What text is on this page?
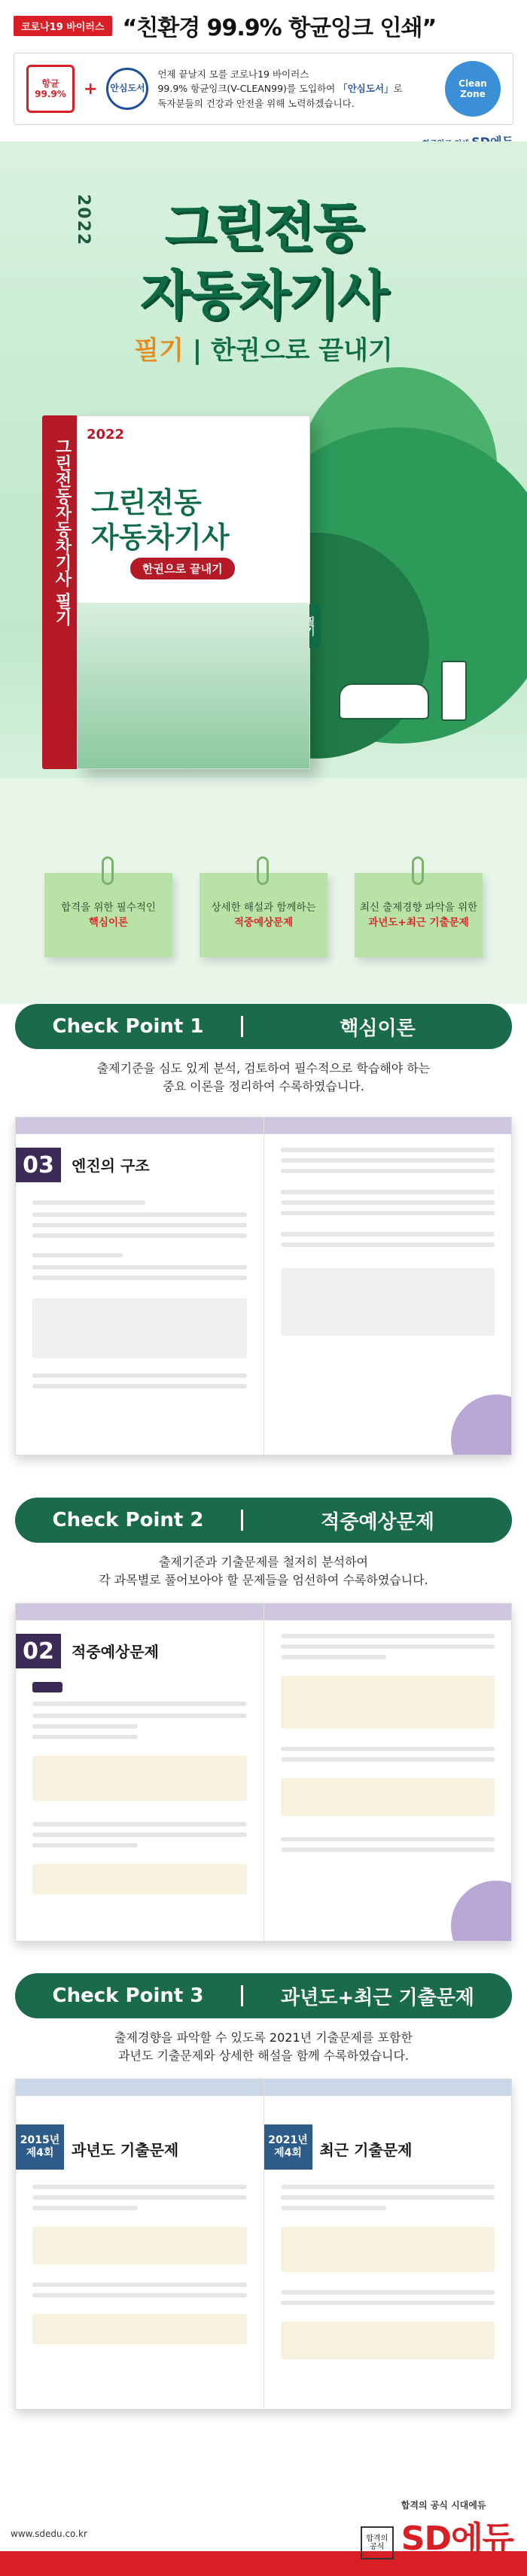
코로나19 바이러스 “친환경 99.9% 항균잉크 인쇄”
항균
99.9% + 안심 도서
언제 끝날지 모를 코로나19 바이러스
99.9% 항균잉크(V-CLEAN99)를 도입하여 「안심도서」로
독자분들의 건강과 안전을 위해 노력하겠습니다.
Clean Zone
2022	그린전동
자동차기사
필기 | 한권으로 끝내기
그린전동자동차기사 필기
2022
그린전동
자동차기사
한권으로 끝내기
합격을 위한 필수적인
핵심이론
상세한 해설과 함께하는
적중예상문제
최신 출제경향 파악을 위한
과년도+최근 기출문제
Check Point 1	핵심이론
출제기준을 심도 있게 분석, 검토하여 필수적으로 학습해야 하는
중요 이론을 정리하여 수록하였습니다.
03	엔진의 구조
Check Point 2	적중예상문제
출제기준과 기출문제를 철저히 분석하여
각 과목별로 풀어보아야 할 문제들을 엄선하여 수록하였습니다.
02	적중예상문제
Check Point 3	과년도+최근 기출문제
출제경향을 파악할 수 있도록 2021년 기출문제를 포함한
과년도 기출문제와 상세한 해설을 함께 수록하였습니다.
2015년 제4회	과년도 기출문제
2021년 제4회	최근 기출문제
www.sdedu.co.kr	합격의 공식
합격의 공식 시대에듀
SD에듀
